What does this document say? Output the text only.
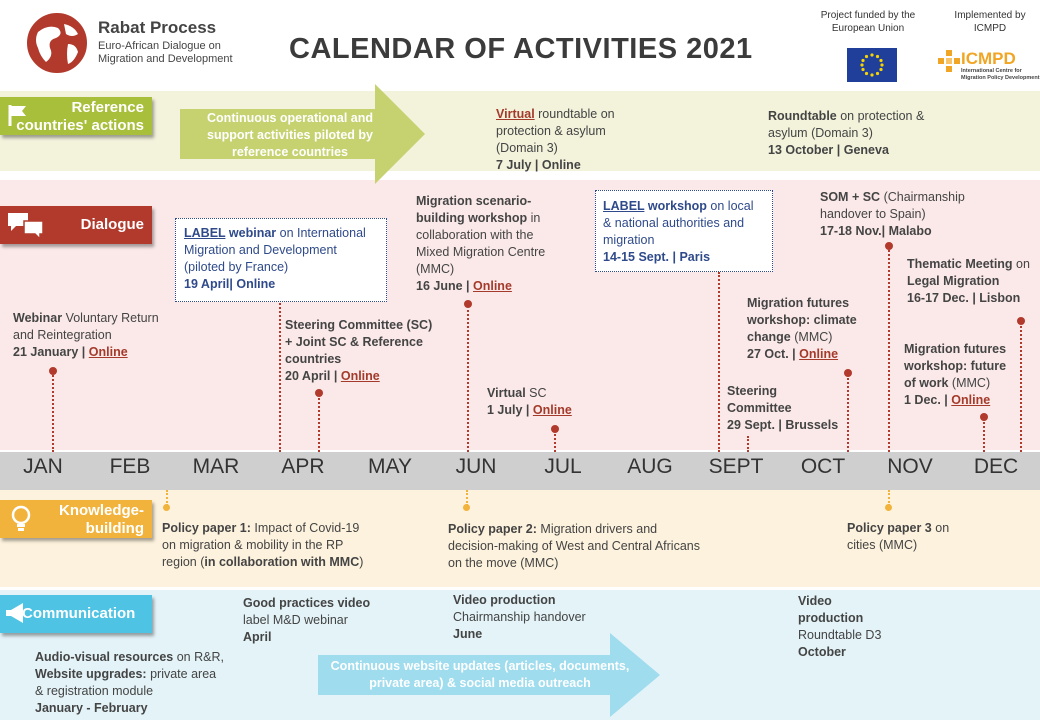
Rabat Process
Euro-African Dialogue on
Migration and Development CALENDAR OF ACTIVITIES 2021
Project funded by the
European Union
Implemented by
ICMPD
ICMPD
International Centre for
Migration Policy Development
Reference
countries' actions
Dialogue
Knowledge-
building
Communication
Continuous operational and
support activities piloted by
reference countries
Virtual roundtable on
protection & asylum
(Domain 3)
7 July | Online
Roundtable on protection &
asylum (Domain 3)
13 October | Geneva
Webinar Voluntary Return
and Reintegration
21 January | Online
LABEL webinar on International
Migration and Development
(piloted by France)
19 April| Online
Steering Committee (SC)
+ Joint SC & Reference
countries
20 April | Online
Migration scenario-
building workshop in
collaboration with the
Mixed Migration Centre
(MMC)
16 June | Online
Virtual SC
1 July | Online
LABEL workshop on local
& national authorities and
migration
14-15 Sept. | Paris
Steering
Committee
29 Sept. | Brussels
Migration futures
workshop: climate
change (MMC)
27 Oct. | Online
SOM + SC (Chairmanship
handover to Spain)
17-18 Nov.| Malabo
Thematic Meeting on
Legal Migration
16-17 Dec. | Lisbon
Migration futures
workshop: future
of work (MMC)
1 Dec. | Online
JAN	FEB	MAR	APR	MAY	JUN	JUL	AUG	SEPT	OCT	NOV	DEC
Policy paper 1: Impact of Covid-19
on migration & mobility in the RP
region (in collaboration with MMC)
Policy paper 2: Migration drivers and
decision-making of West and Central Africans
on the move (MMC)
Policy paper 3 on
cities (MMC)
Continuous website updates (articles, documents,
private area) & social media outreach
Audio-visual resources on R&R,
Website upgrades: private area
& registration module
January - February
Good practices video
label M&D webinar
April
Video production
Chairmanship handover
June
Video
production
Roundtable D3
October
